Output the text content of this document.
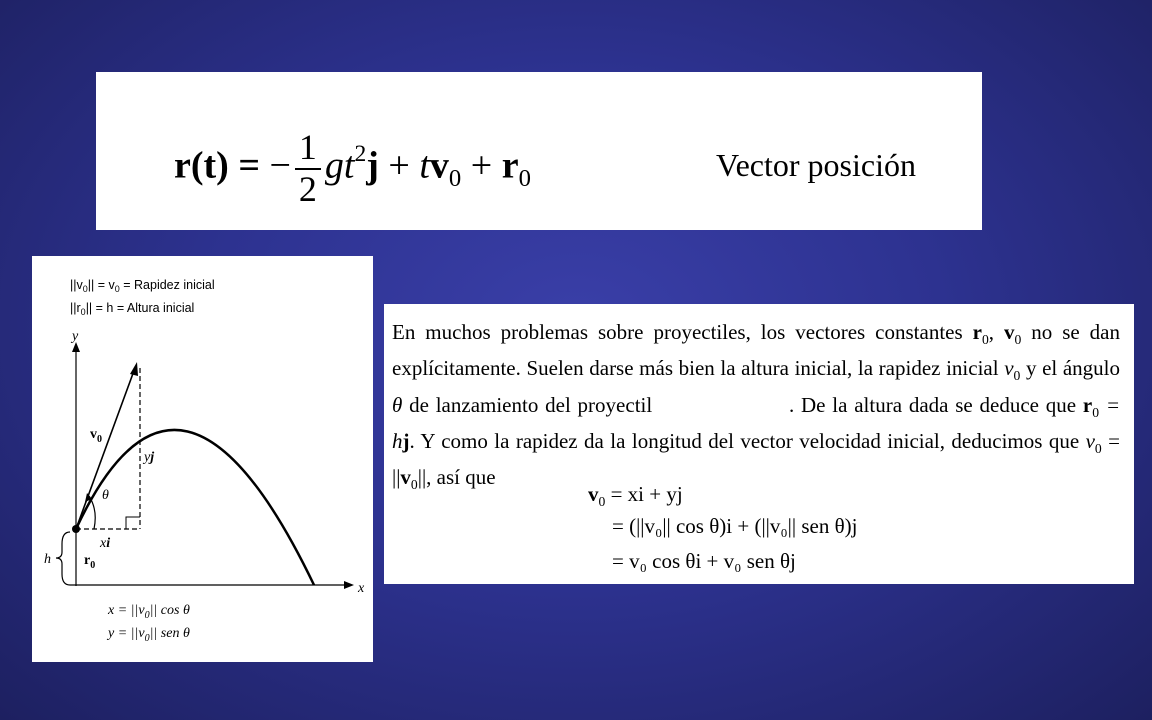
r(t) = − $\frac{1}{2} gt^2j + tv_0 + r_0$	Vector posición
$||v_0|| = v_0$ = Rapidez inicial
$||r_0|| = h$ = Altura inicial
y
x
$v_0$
yj
xi
θ
h $r_0$
$x = ||v_0||$ cos θ
$y = ||v_0||$ sen θ
En muchos problemas sobre proyectiles, los vectores constantes $r_0$, $v_0$ no se dan explícitamente. Suelen darse más bien la altura inicial, la rapidez inicial $v_0$ y el ángulo θ de lanzamiento del proyectil	. De la altura dada se deduce que $r_0$ = hj. Y como la rapidez da la longitud del vector velocidad inicial, deducimos que $v_0 = ||v_0||$, así que
$v_0$ = xi + yj
= (||v₀|| cos θ)i + (||v₀|| sen θ)j
= v₀ cos θi + v₀ sen θj
